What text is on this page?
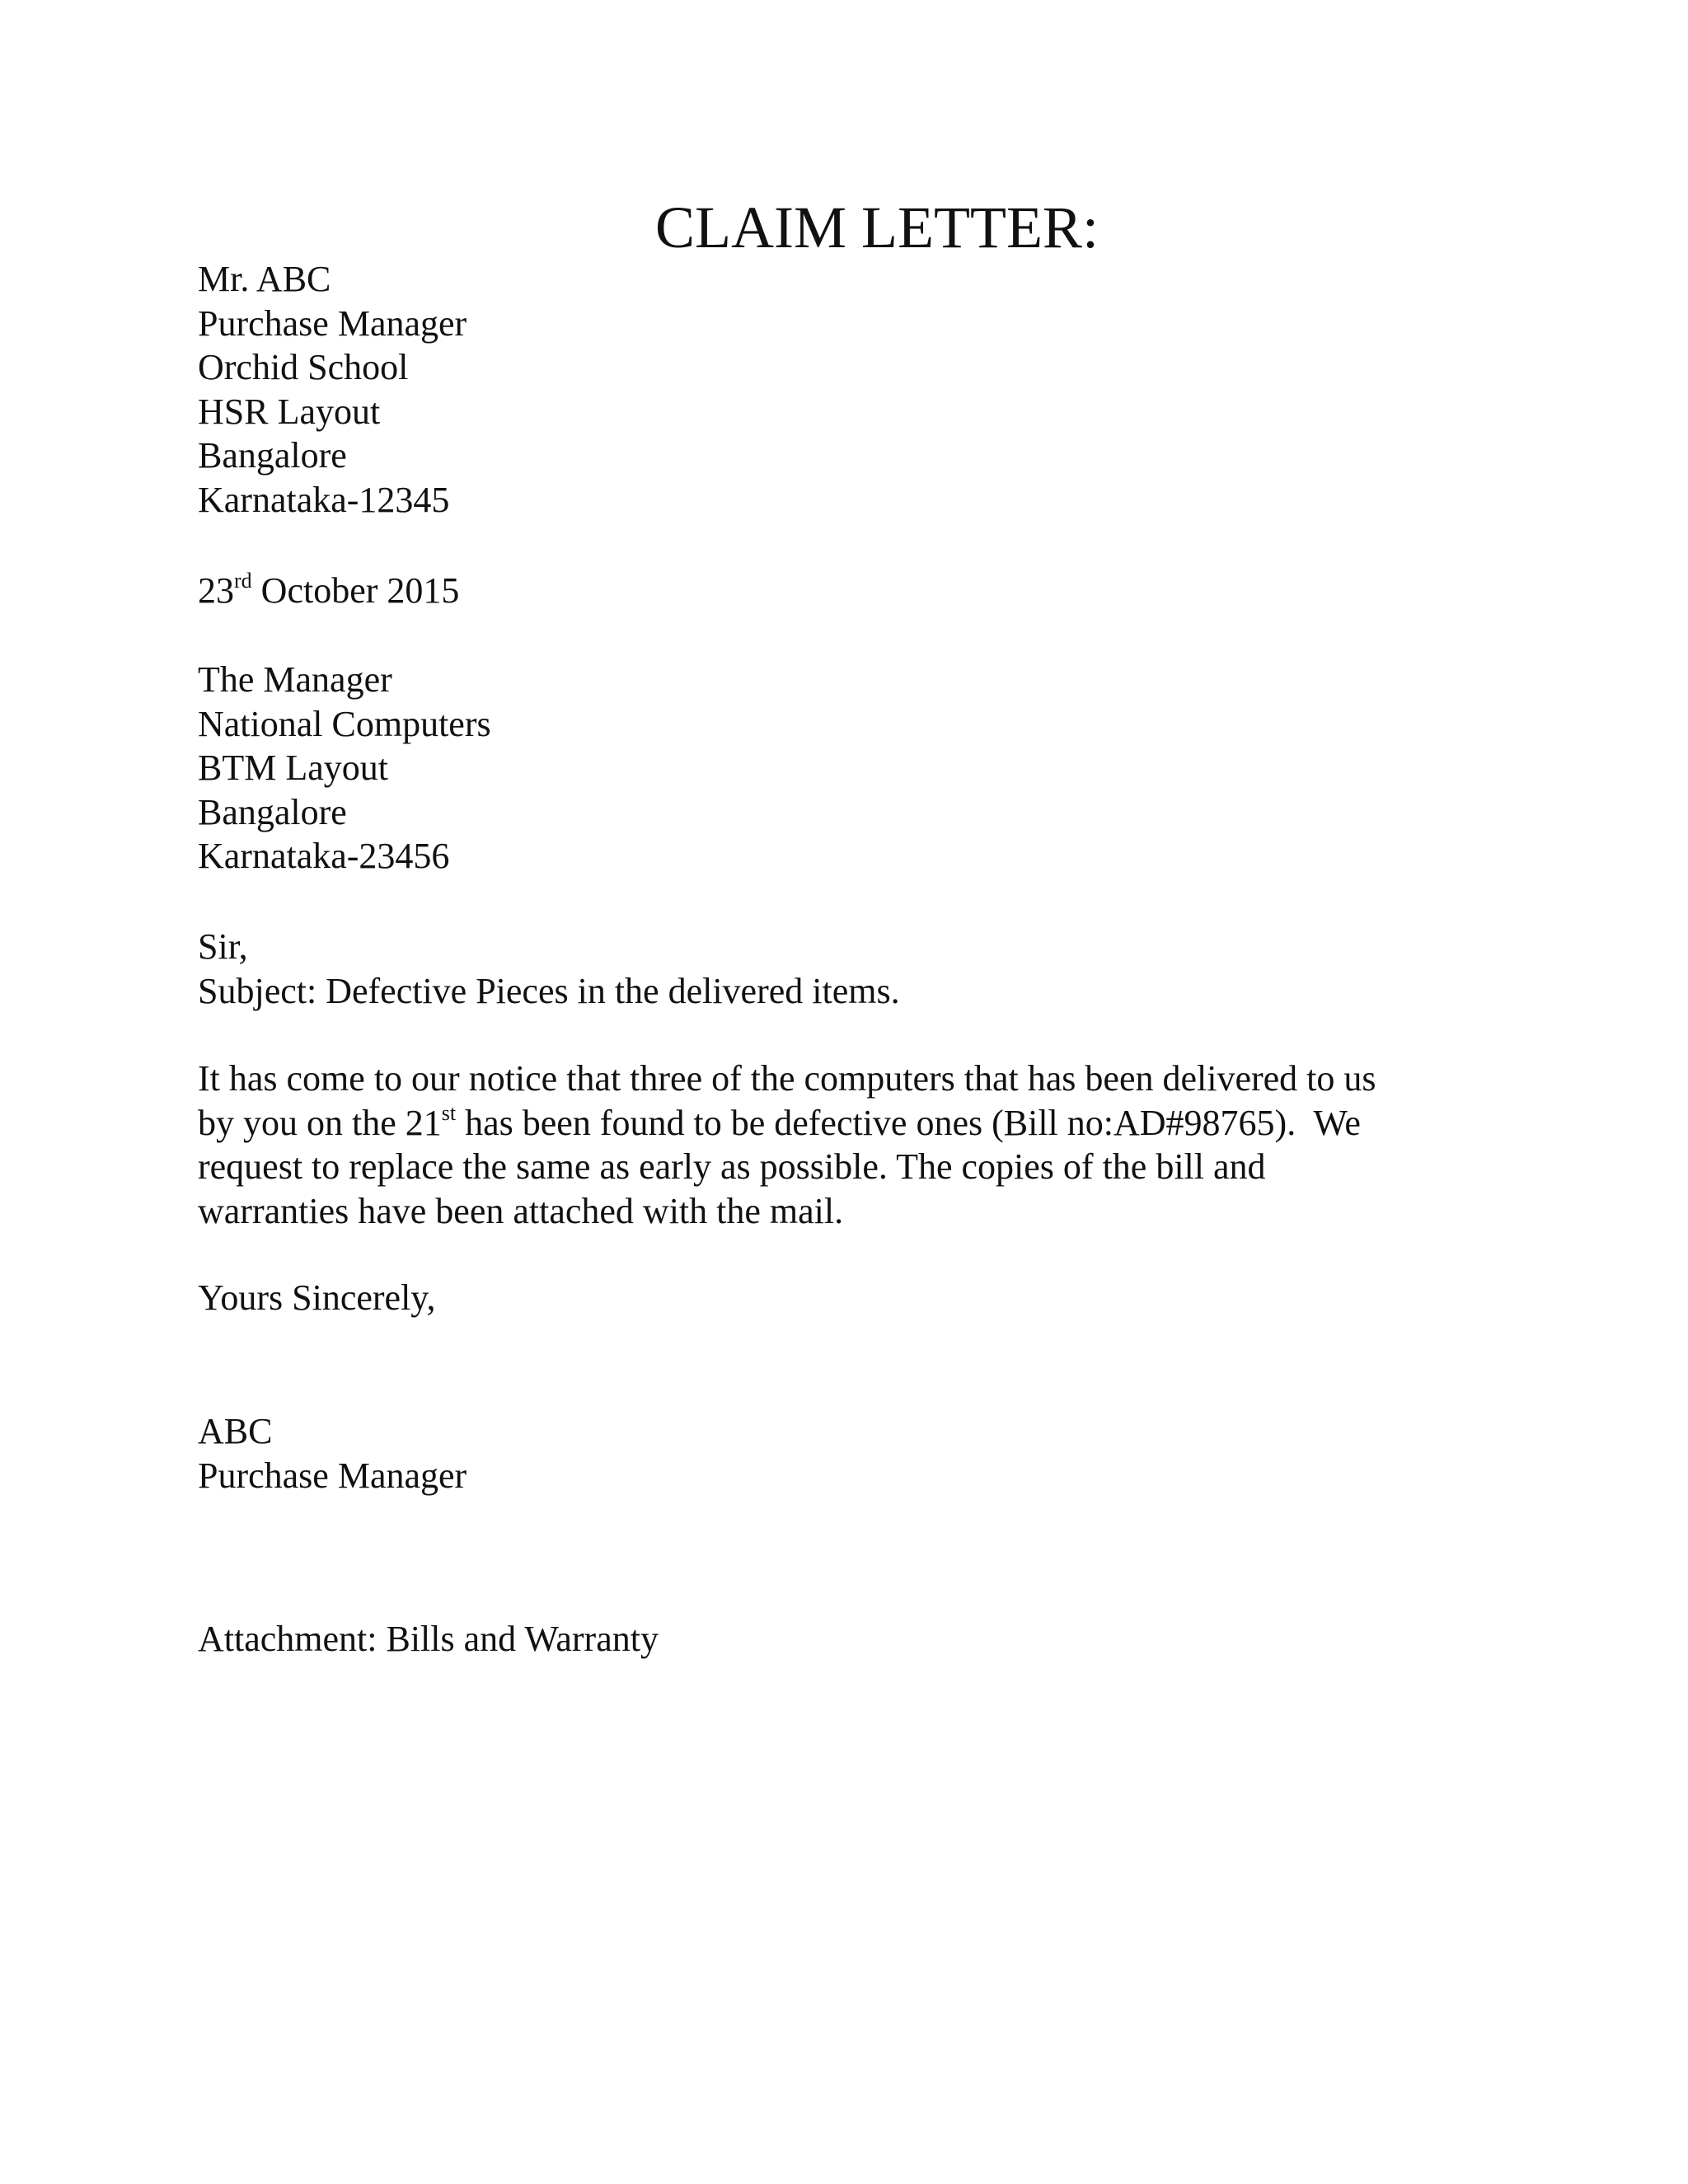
CLAIM LETTER:
Mr. ABC
Purchase Manager
Orchid School
HSR Layout
Bangalore
Karnataka-12345
23rd October 2015
The Manager
National Computers
BTM Layout
Bangalore
Karnataka-23456
Sir,
Subject: Defective Pieces in the delivered items.
It has come to our notice that three of the computers that has been delivered to us
by you on the 21st has been found to be defective ones (Bill no:AD#98765).  We
request to replace the same as early as possible. The copies of the bill and
warranties have been attached with the mail.
Yours Sincerely,
ABC
Purchase Manager
Attachment: Bills and Warranty
